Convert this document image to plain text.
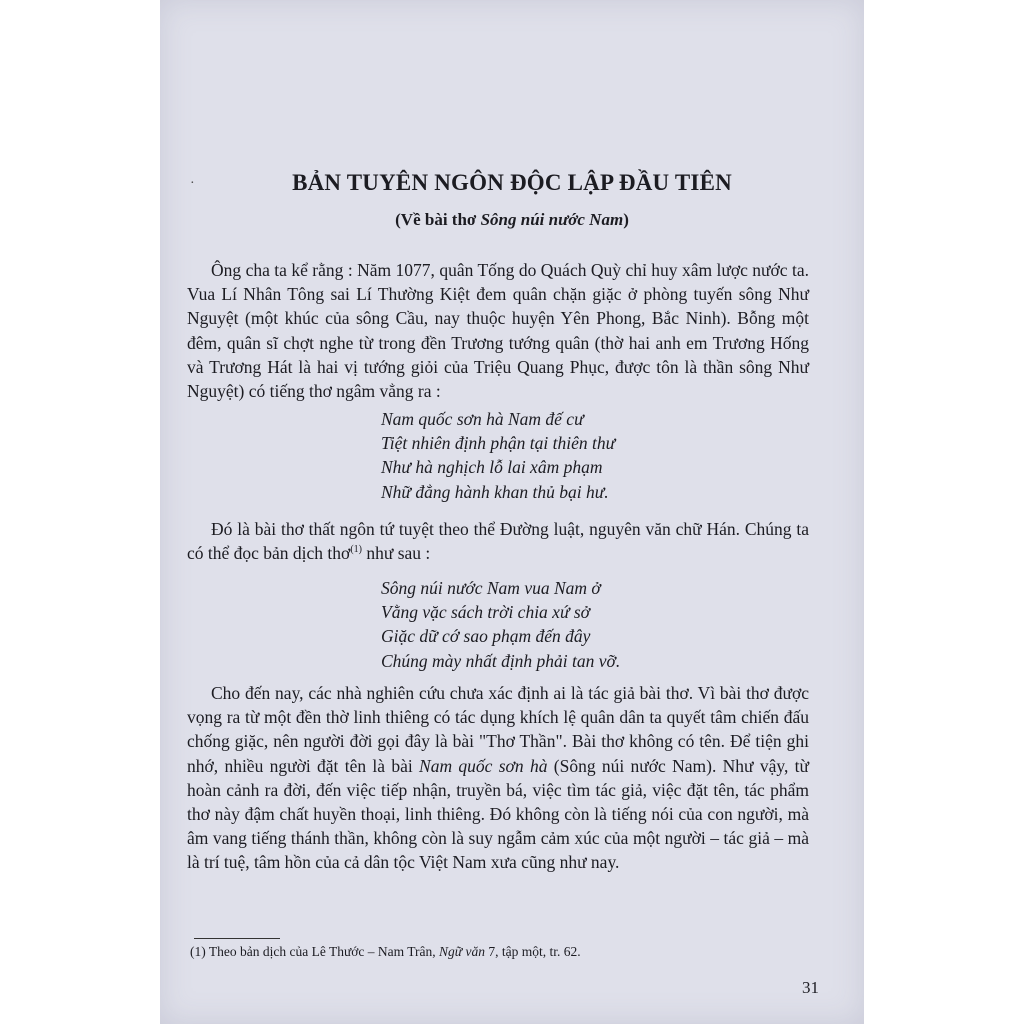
·	BẢN TUYÊN NGÔN ĐỘC LẬP ĐẦU TIÊN
(Về bài thơ Sông núi nước Nam)

Ông cha ta kể rằng : Năm 1077, quân Tống do Quách Quỳ chỉ huy xâm lược nước ta. Vua Lí Nhân Tông sai Lí Thường Kiệt đem quân chặn giặc ở phòng tuyến sông Như Nguyệt (một khúc của sông Cầu, nay thuộc huyện Yên Phong, Bắc Ninh). Bỗng một đêm, quân sĩ chợt nghe từ trong đền Trương tướng quân (thờ hai anh em Trương Hống và Trương Hát là hai vị tướng giỏi của Triệu Quang Phục, được tôn là thần sông Như Nguyệt) có tiếng thơ ngâm vẳng ra :

Nam quốc sơn hà Nam đế cư
Tiệt nhiên định phận tại thiên thư
Như hà nghịch lỗ lai xâm phạm
Nhữ đẳng hành khan thủ bại hư.

Đó là bài thơ thất ngôn tứ tuyệt theo thể Đường luật, nguyên văn chữ Hán. Chúng ta có thể đọc bản dịch thơ$^{(1)}$ như sau :

Sông núi nước Nam vua Nam ở
Vằng vặc sách trời chia xứ sở
Giặc dữ cớ sao phạm đến đây
Chúng mày nhất định phải tan vỡ.

Cho đến nay, các nhà nghiên cứu chưa xác định ai là tác giả bài thơ. Vì bài thơ được vọng ra từ một đền thờ linh thiêng có tác dụng khích lệ quân dân ta quyết tâm chiến đấu chống giặc, nên người đời gọi đây là bài "Thơ Thần". Bài thơ không có tên. Để tiện ghi nhớ, nhiều người đặt tên là bài Nam quốc sơn hà (Sông núi nước Nam). Như vậy, từ hoàn cảnh ra đời, đến việc tiếp nhận, truyền bá, việc tìm tác giả, việc đặt tên, tác phẩm thơ này đậm chất huyền thoại, linh thiêng. Đó không còn là tiếng nói của con người, mà âm vang tiếng thánh thần, không còn là suy ngẫm cảm xúc của một người – tác giả – mà là trí tuệ, tâm hồn của cả dân tộc Việt Nam xưa cũng như nay.

(1) Theo bản dịch của Lê Thước – Nam Trân, Ngữ văn 7, tập một, tr. 62.
31
